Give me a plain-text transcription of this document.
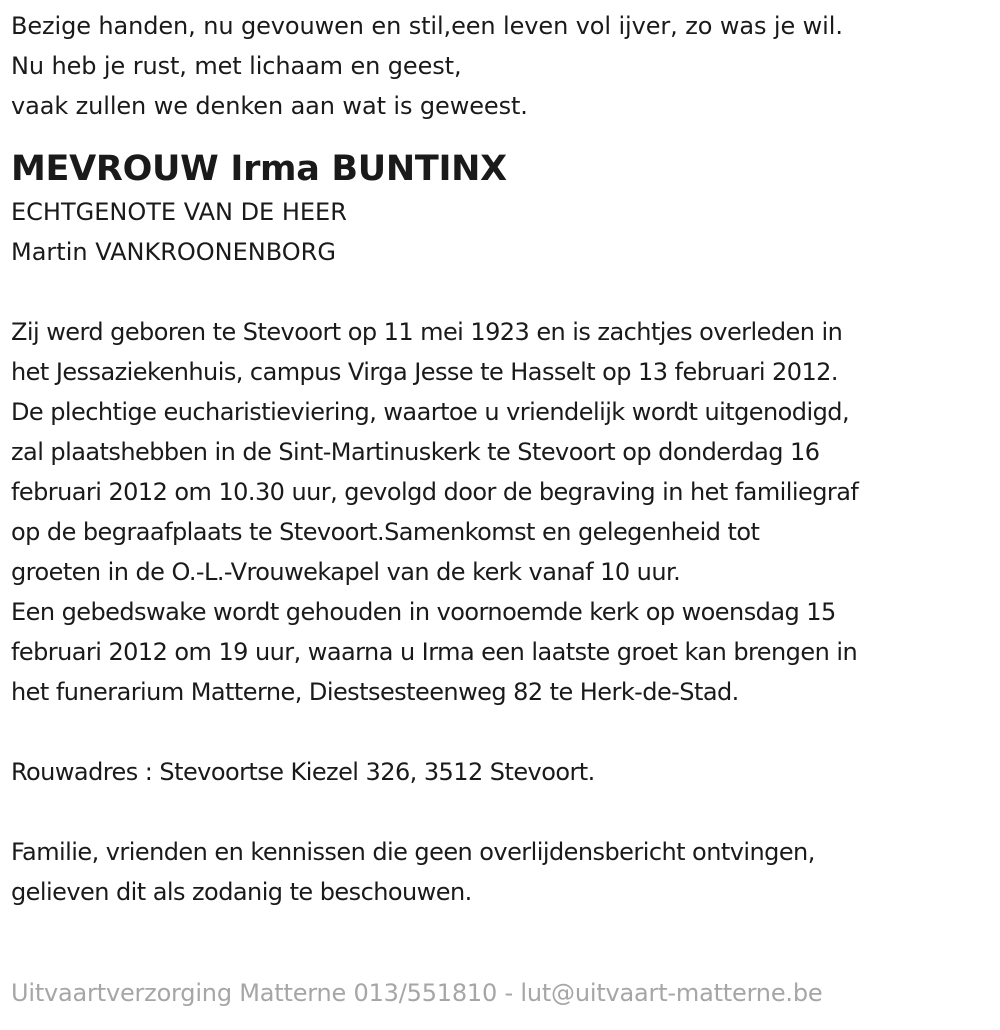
Bezige handen, nu gevouwen en stil,een leven vol ijver, zo was je wil.
Nu heb je rust, met lichaam en geest,
vaak zullen we denken aan wat is geweest.
MEVROUW Irma BUNTINX
ECHTGENOTE VAN DE HEER
Martin VANKROONENBORG
Zij werd geboren te Stevoort op 11 mei 1923 en is zachtjes overleden in
het Jessaziekenhuis, campus Virga Jesse te Hasselt op 13 februari 2012.
De plechtige eucharistieviering, waartoe u vriendelijk wordt uitgenodigd,
zal plaatshebben in de Sint-Martinuskerk te Stevoort op donderdag 16
februari 2012 om 10.30 uur, gevolgd door de begraving in het familiegraf
op de begraafplaats te Stevoort.Samenkomst en gelegenheid tot
groeten in de O.-L.-Vrouwekapel van de kerk vanaf 10 uur.
Een gebedswake wordt gehouden in voornoemde kerk op woensdag 15
februari 2012 om 19 uur, waarna u Irma een laatste groet kan brengen in
het funerarium Matterne, Diestsesteenweg 82 te Herk-de-Stad.
Rouwadres : Stevoortse Kiezel 326, 3512 Stevoort.
Familie, vrienden en kennissen die geen overlijdensbericht ontvingen,
gelieven dit als zodanig te beschouwen.
Uitvaartverzorging Matterne 013/551810 - lut@uitvaart-matterne.be
